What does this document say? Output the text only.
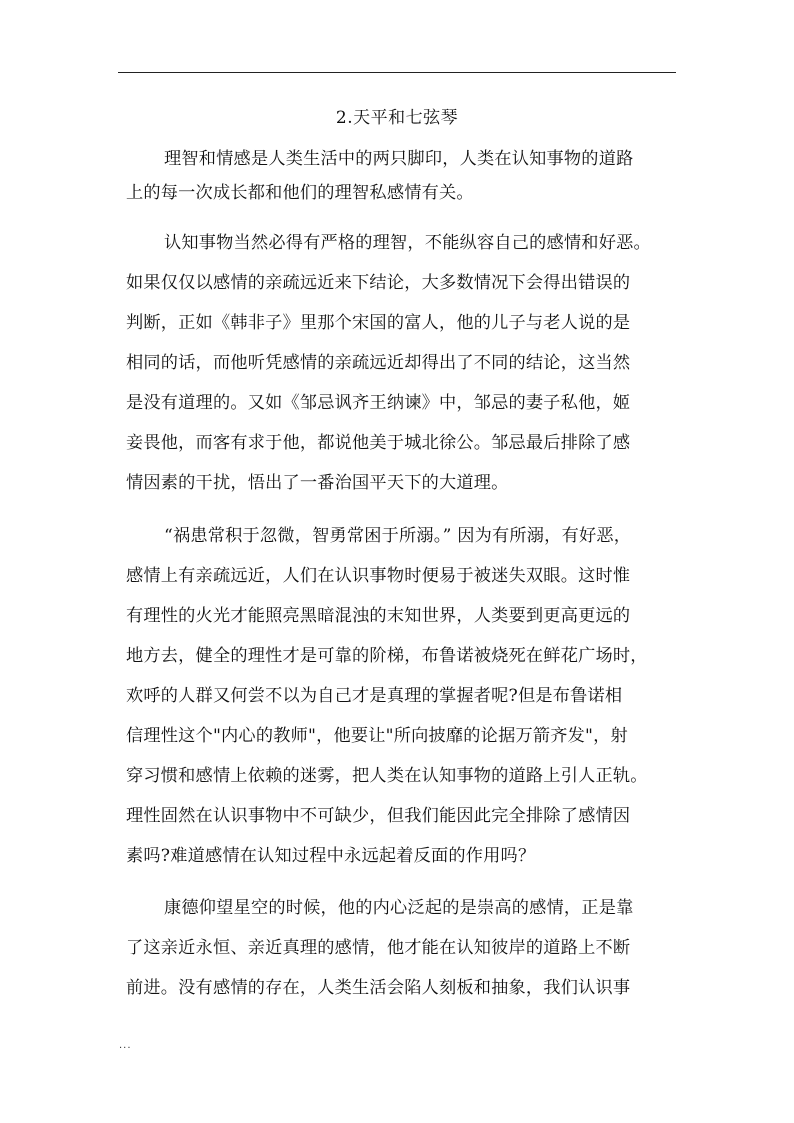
2.天平和七弦琴
理智和情感是人类生活中的两只脚印，人类在认知事物的道路
上的每一次成长都和他们的理智私感情有关。
认知事物当然必得有严格的理智，不能纵容自己的感情和好恶。
如果仅仅以感情的亲疏远近来下结论，大多数情况下会得出错误的
判断，正如《韩非子》里那个宋国的富人，他的儿子与老人说的是
相同的话，而他听凭感情的亲疏远近却得出了不同的结论，这当然
是没有道理的。又如《邹忌讽齐王纳谏》中，邹忌的妻子私他，姬
妾畏他，而客有求于他，都说他美于城北徐公。邹忌最后排除了感
情因素的干扰，悟出了一番治国平天下的大道理。
“祸患常积于忽微，智勇常困于所溺。” 因为有所溺，有好恶，
感情上有亲疏远近，人们在认识事物时便易于被迷失双眼。这时惟
有理性的火光才能照亮黑暗混浊的末知世界，人类要到更高更远的
地方去，健全的理性才是可靠的阶梯，布鲁诺被烧死在鲜花广场时，
欢呼的人群又何尝不以为自己才是真理的掌握者呢?但是布鲁诺相
信理性这个"内心的教师"，他要让"所向披靡的论据万箭齐发"，射
穿习惯和感情上依赖的迷雾，把人类在认知事物的道路上引人正轨。
理性固然在认识事物中不可缺少，但我们能因此完全排除了感情因
素吗?难道感情在认知过程中永远起着反面的作用吗？
康德仰望星空的时候，他的内心泛起的是崇高的感情，正是靠
了这亲近永恒、亲近真理的感情，他才能在认知彼岸的道路上不断
前进。没有感情的存在，人类生活会陷人刻板和抽象，我们认识事
...
